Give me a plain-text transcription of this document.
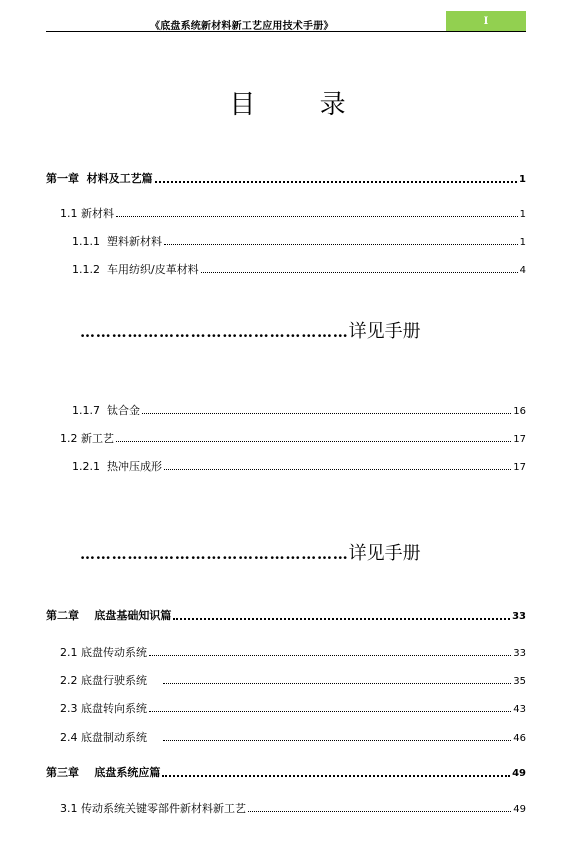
《底盘系统新材料新工艺应用技术手册》	I
目 录
第一章  材料及工艺篇	1
1.1 新材料	1
1.1.1  塑料新材料	1
1.1.2  车用纺织/皮革材料	4
…………………………………………… 详见手册
1.1.7  钛合金	16
1.2 新工艺	17
1.2.1  热冲压成形	17
…………………………………………… 详见手册
第二章    底盘基础知识篇	33
2.1 底盘传动系统	33
2.2 底盘行驶系统	35
2.3 底盘转向系统	43
2.4 底盘制动系统	46
第三章    底盘系统应篇	49
3.1 传动系统关键零部件新材料新工艺	49
